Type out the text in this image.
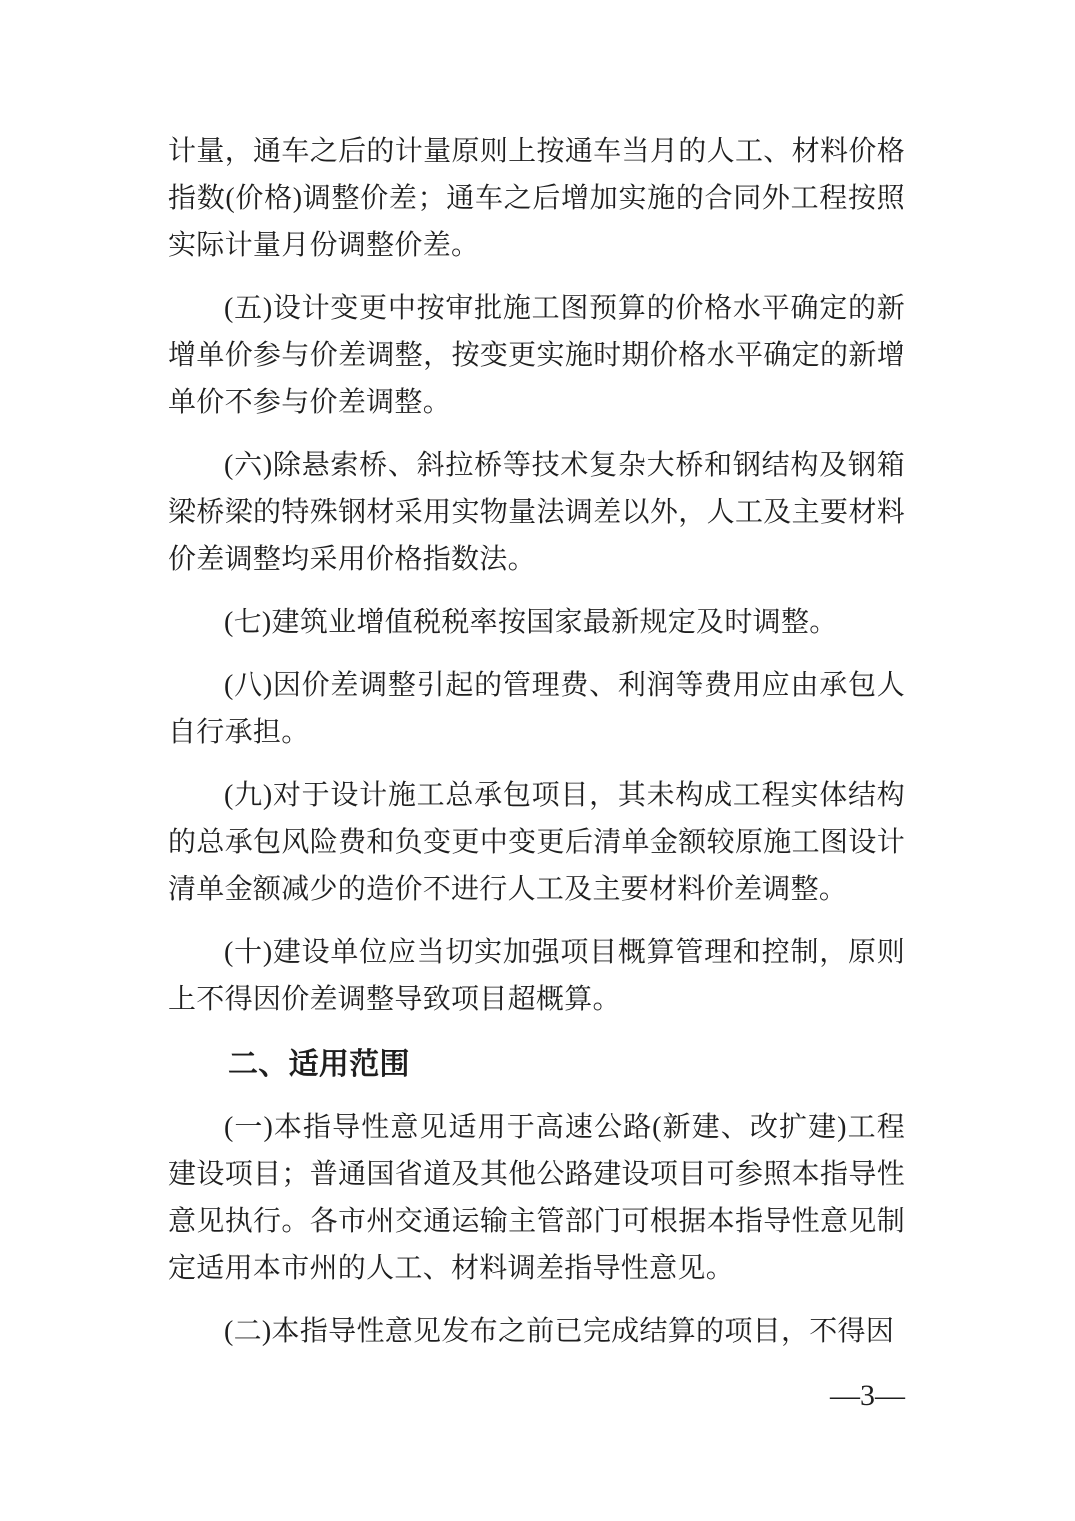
计量，通车之后的计量原则上按通车当月的人工、材料价格指数(价格)调整价差；通车之后增加实施的合同外工程按照实际计量月份调整价差。

(五)设计变更中按审批施工图预算的价格水平确定的新增单价参与价差调整，按变更实施时期价格水平确定的新增单价不参与价差调整。

(六)除悬索桥、斜拉桥等技术复杂大桥和钢结构及钢箱梁桥梁的特殊钢材采用实物量法调差以外，人工及主要材料价差调整均采用价格指数法。

(七)建筑业增值税税率按国家最新规定及时调整。

(八)因价差调整引起的管理费、利润等费用应由承包人自行承担。

(九)对于设计施工总承包项目，其未构成工程实体结构的总承包风险费和负变更中变更后清单金额较原施工图设计清单金额减少的造价不进行人工及主要材料价差调整。

(十)建设单位应当切实加强项目概算管理和控制，原则上不得因价差调整导致项目超概算。

二、适用范围

(一)本指导性意见适用于高速公路(新建、改扩建)工程建设项目；普通国省道及其他公路建设项目可参照本指导性意见执行。各市州交通运输主管部门可根据本指导性意见制定适用本市州的人工、材料调差指导性意见。

(二)本指导性意见发布之前已完成结算的项目，不得因

—3—
